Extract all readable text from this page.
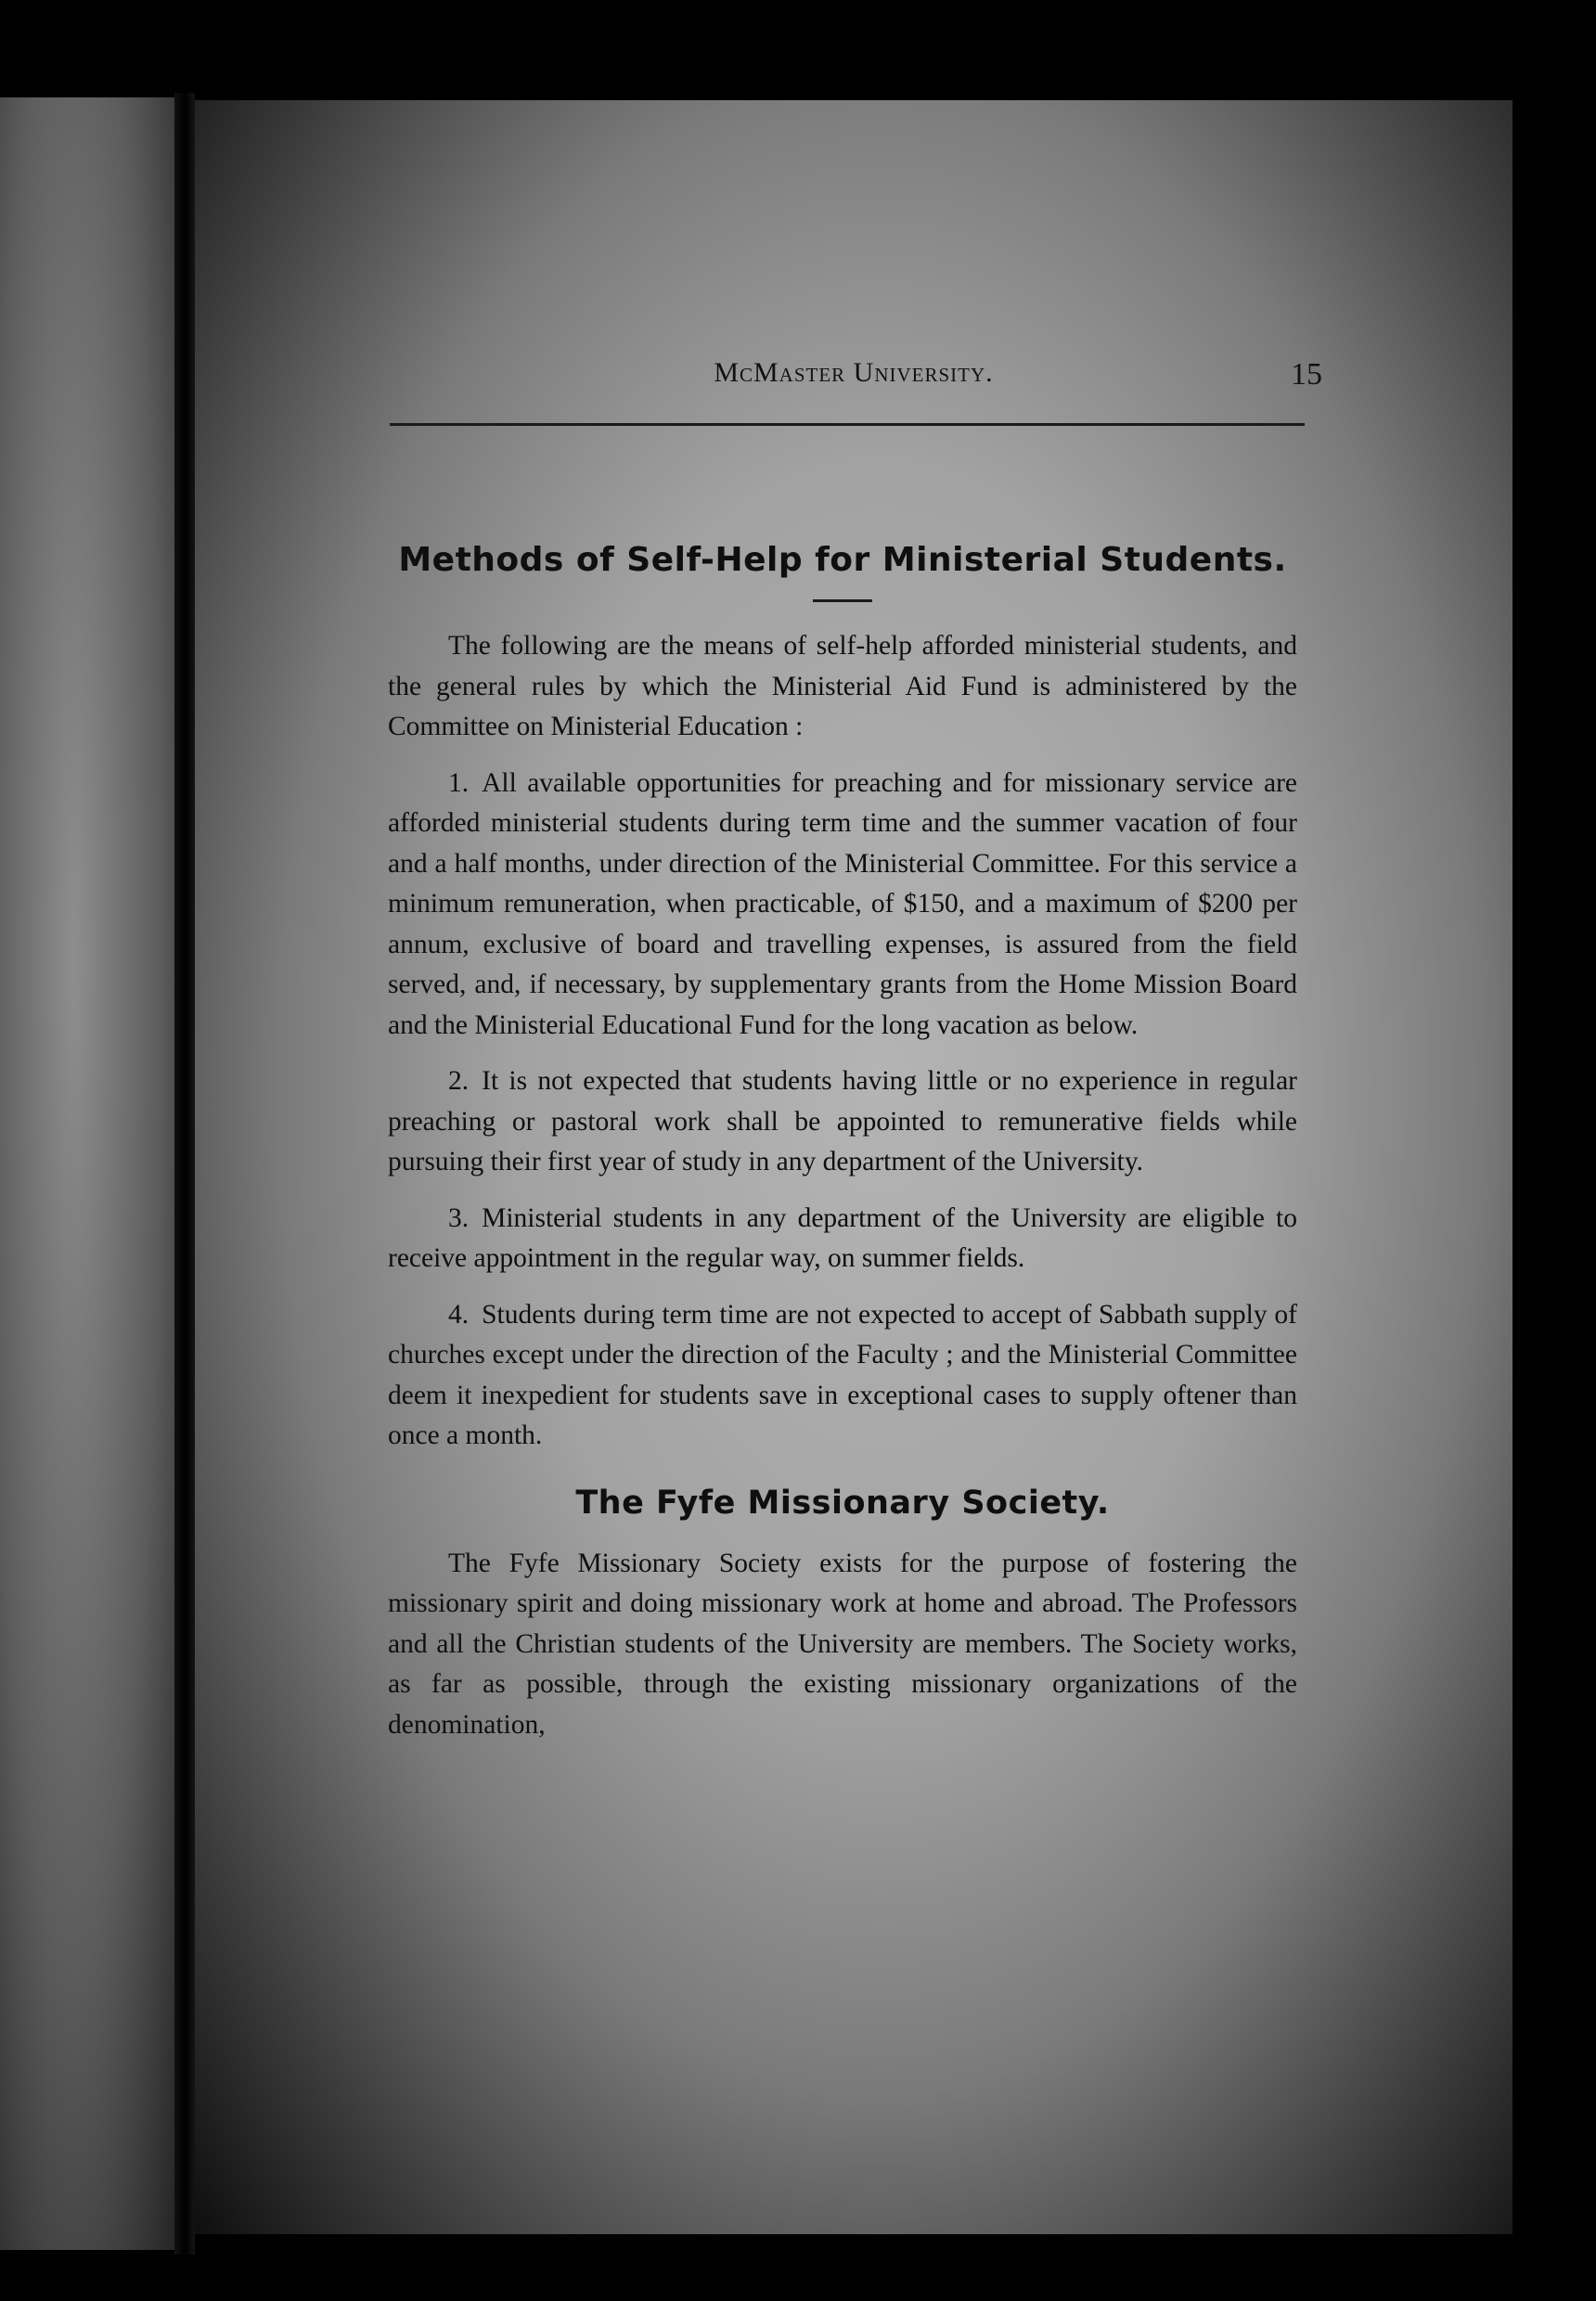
McMaster University.	15
Methods of Self-Help for Ministerial Students.

The following are the means of self-help afforded ministerial students, and the general rules by which the Ministerial Aid Fund is administered by the Committee on Ministerial Education :

1. All available opportunities for preaching and for missionary service are afforded ministerial students during term time and the summer vacation of four and a half months, under direction of the Ministerial Committee. For this service a minimum remuneration, when practicable, of $150, and a maximum of $200 per annum, exclusive of board and travelling expenses, is assured from the field served, and, if necessary, by supplementary grants from the Home Mission Board and the Ministerial Educational Fund for the long vacation as below.

2. It is not expected that students having little or no experience in regular preaching or pastoral work shall be appointed to remunerative fields while pursuing their first year of study in any department of the University.

3. Ministerial students in any department of the University are eligible to receive appointment in the regular way, on summer fields.

4. Students during term time are not expected to accept of Sabbath supply of churches except under the direction of the Faculty ; and the Ministerial Committee deem it inexpedient for students save in exceptional cases to supply oftener than once a month.

The Fyfe Missionary Society.

The Fyfe Missionary Society exists for the purpose of fostering the missionary spirit and doing missionary work at home and abroad. The Professors and all the Christian students of the University are members. The Society works, as far as possible, through the existing missionary organizations of the denomination,
